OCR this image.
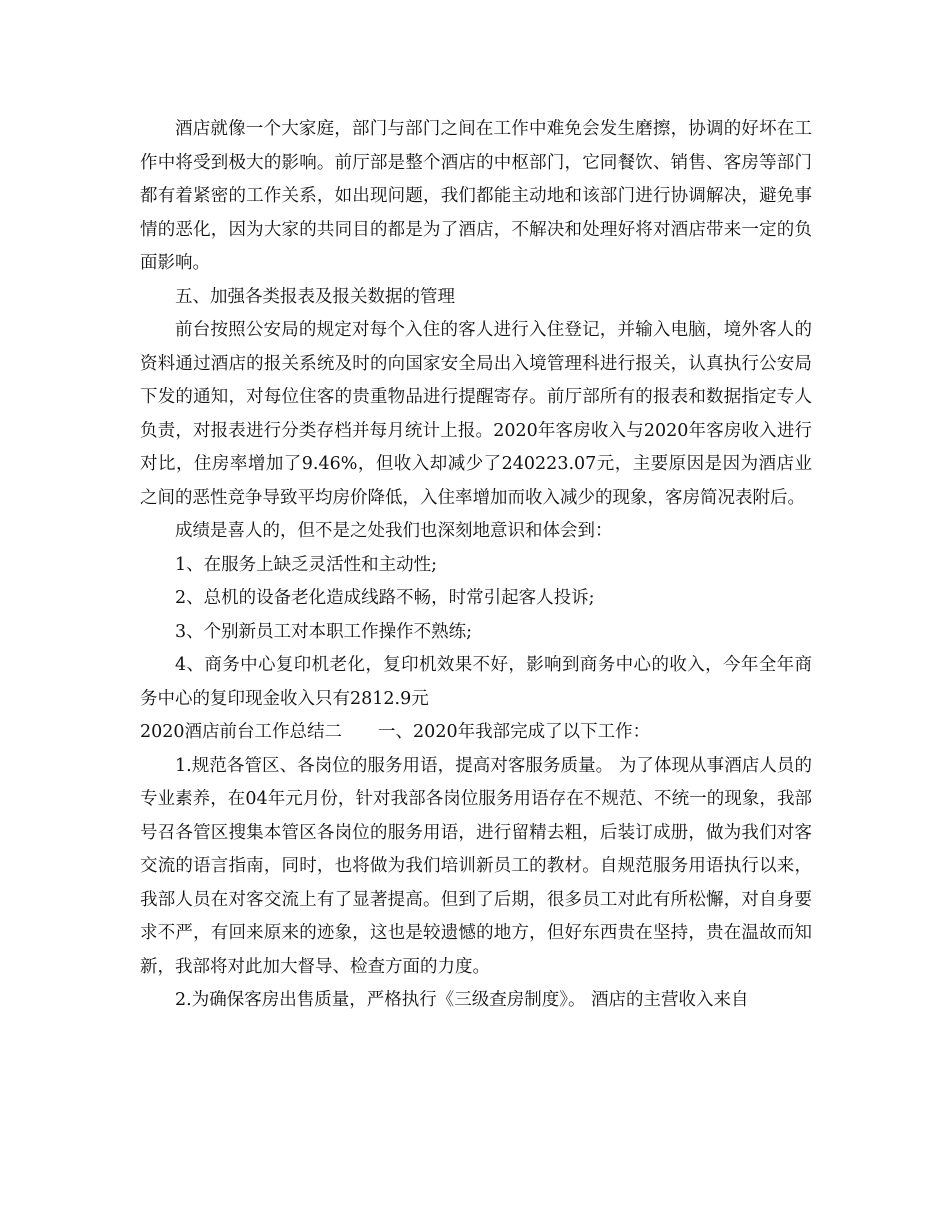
酒店就像一个大家庭，部门与部门之间在工作中难免会发生磨擦，协调的好坏在工作中将受到极大的影响。前厅部是整个酒店的中枢部门，它同餐饮、销售、客房等部门都有着紧密的工作关系，如出现问题，我们都能主动地和该部门进行协调解决，避免事情的恶化，因为大家的共同目的都是为了酒店，不解决和处理好将对酒店带来一定的负面影响。

五、加强各类报表及报关数据的管理

前台按照公安局的规定对每个入住的客人进行入住登记，并输入电脑，境外客人的资料通过酒店的报关系统及时的向国家安全局出入境管理科进行报关，认真执行公安局下发的通知，对每位住客的贵重物品进行提醒寄存。前厅部所有的报表和数据指定专人负责，对报表进行分类存档并每月统计上报。2020年客房收入与2020年客房收入进行对比，住房率增加了9.46%，但收入却减少了240223.07元，主要原因是因为酒店业之间的恶性竞争导致平均房价降低，入住率增加而收入减少的现象，客房简况表附后。

成绩是喜人的，但不是之处我们也深刻地意识和体会到：

1、在服务上缺乏灵活性和主动性;

2、总机的设备老化造成线路不畅，时常引起客人投诉;

3、个别新员工对本职工作操作不熟练;

4、商务中心复印机老化，复印机效果不好，影响到商务中心的收入，今年全年商务中心的复印现金收入只有2812.9元

2020酒店前台工作总结二 一、2020年我部完成了以下工作：

1.规范各管区、各岗位的服务用语，提高对客服务质量。 为了体现从事酒店人员的专业素养，在04年元月份，针对我部各岗位服务用语存在不规范、不统一的现象，我部号召各管区搜集本管区各岗位的服务用语，进行留精去粗，后装订成册，做为我们对客交流的语言指南，同时，也将做为我们培训新员工的教材。自规范服务用语执行以来，我部人员在对客交流上有了显著提高。但到了后期，很多员工对此有所松懈，对自身要求不严，有回来原来的迹象，这也是较遗憾的地方，但好东西贵在坚持，贵在温故而知新，我部将对此加大督导、检查方面的力度。

2.为确保客房出售质量，严格执行《三级查房制度》。 酒店的主营收入来自
